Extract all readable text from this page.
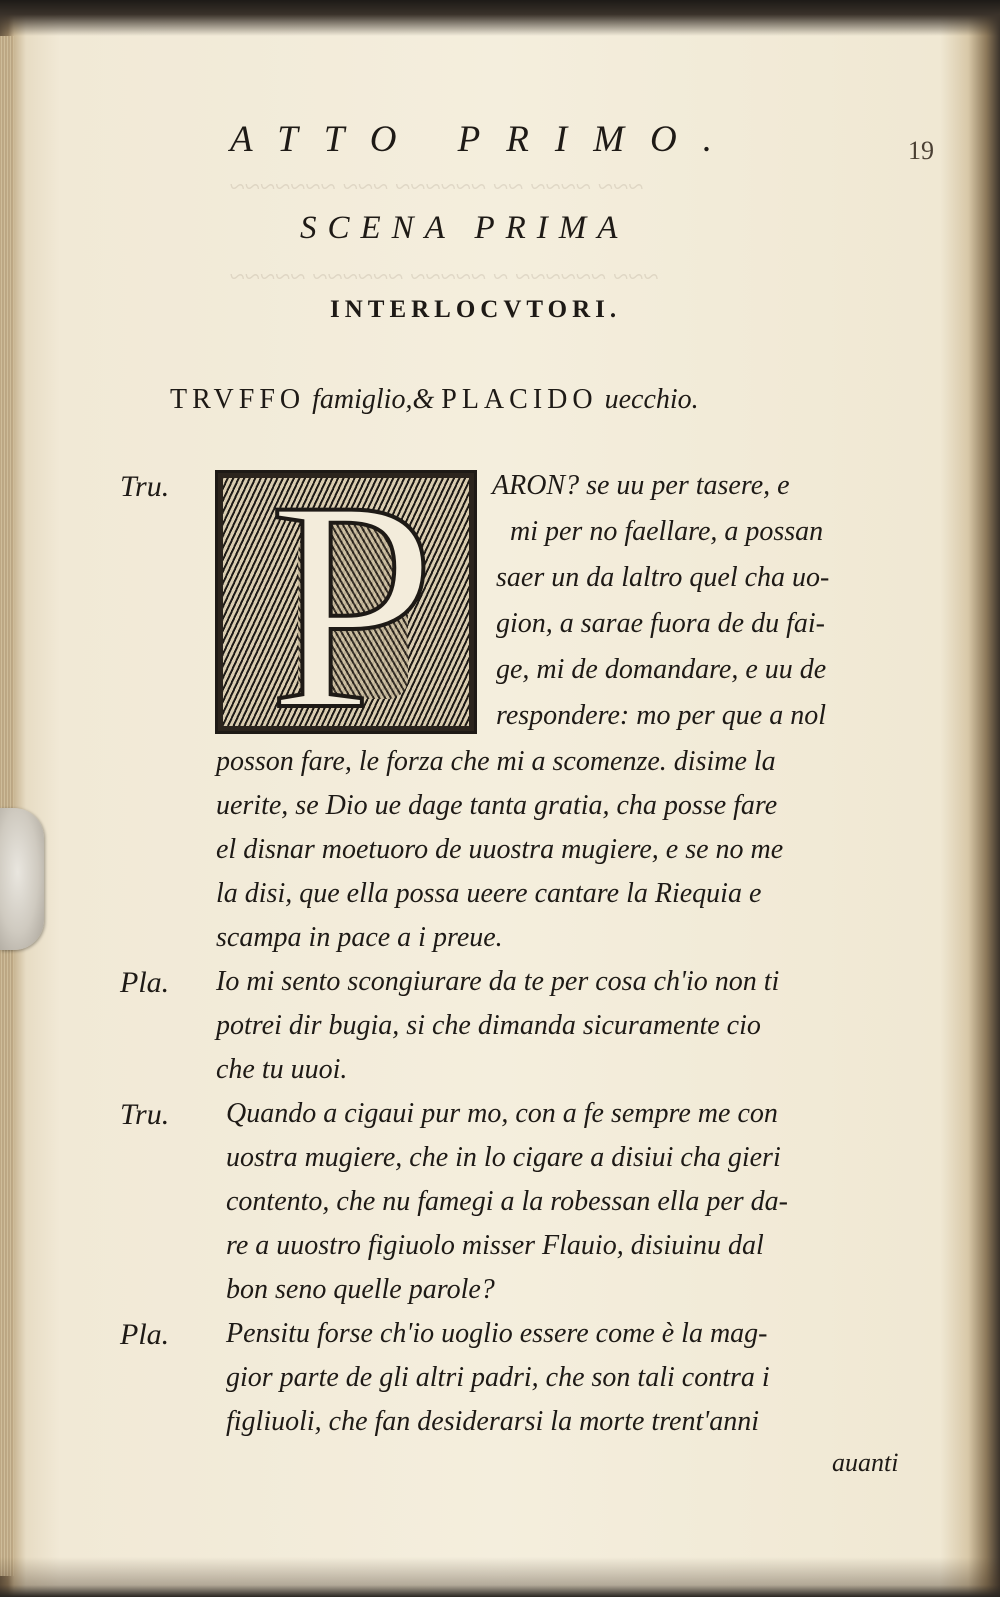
~~~ ~~~~ ~~ ~~~~~~ ~~~ ~~~~~~~
~~~ ~~~~~~ ~ ~~~~~ ~~~~~~ ~~~~~
ATTO PRIMO.	19
SCENA PRIMA
INTERLOCVTORI.
TRVFFO famiglio,& PLACIDO uecchio.
P
Tru.	ARON? se uu per tasere, e
mi per no faellare, a possan
saer un da laltro quel cha uo-
gion, a sarae fuora de du fai-
ge, mi de domandare, e uu de
respondere: mo per que a nol
posson fare, le forza che mi a scomenze. disime la
uerite, se Dio ue dage tanta gratia, cha posse fare
el disnar moetuoro de uuostra mugiere, e se no me
la disi, que ella possa ueere cantare la Riequia e
scampa in pace a i preue.
Pla. Io mi sento scongiurare da te per cosa ch'io non ti
potrei dir bugia, si che dimanda sicuramente cio
che tu uuoi.
Tru. Quando a cigaui pur mo, con a fe sempre me con
uostra mugiere, che in lo cigare a disiui cha gieri
contento, che nu famegi a la robessan ella per da-
re a uuostro figiuolo misser Flauio, disiuinu dal
bon seno quelle parole?
Pla. Pensitu forse ch'io uoglio essere come è la mag-
gior parte de gli altri padri, che son tali contra i
figliuoli, che fan desiderarsi la morte trent'anni
auanti
